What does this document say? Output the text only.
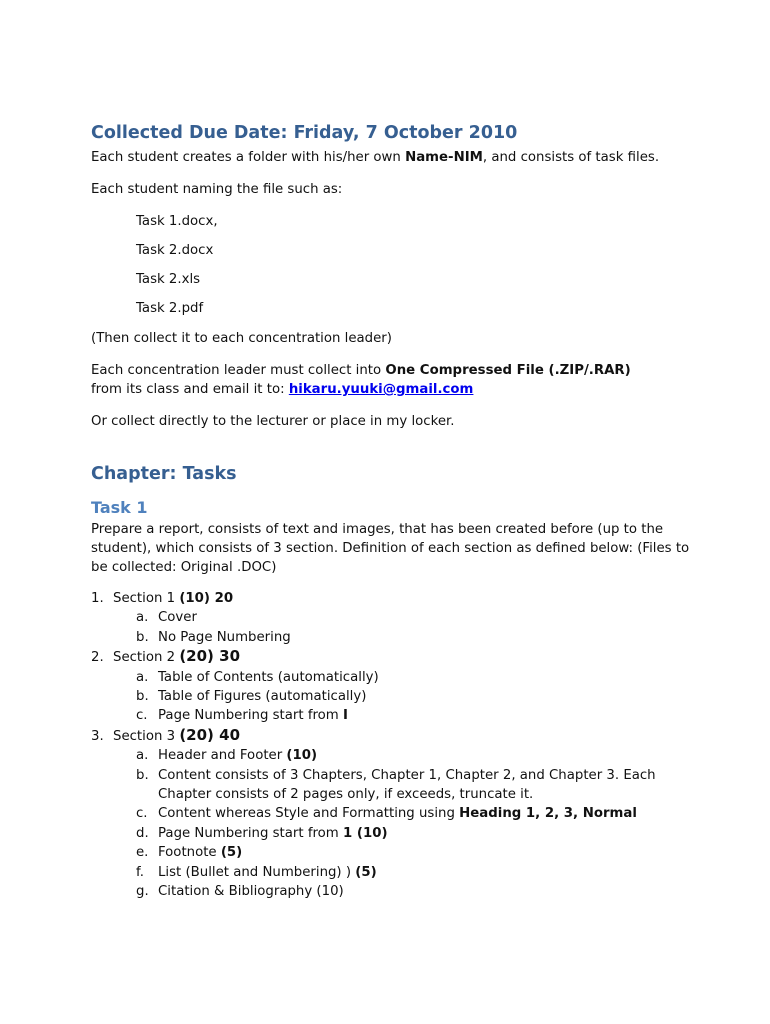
Collected Due Date: Friday, 7 October 2010

Each student creates a folder with his/her own Name-NIM, and consists of task files.

Each student naming the file such as:

Task 1.docx,

Task 2.docx

Task 2.xls

Task 2.pdf

(Then collect it to each concentration leader)

Each concentration leader must collect into One Compressed File (.ZIP/.RAR)
from its class and email it to: hikaru.yuuki@gmail.com

Or collect directly to the lecturer or place in my locker.

Chapter: Tasks
Task 1

Prepare a report, consists of text and images, that has been created before (up to the student), which consists of 3 section. Definition of each section as defined below: (Files to be collected: Original .DOC)

1. Section 1 (10) 20
a. Cover
b. No Page Numbering
2. Section 2 (20) 30
a. Table of Contents (automatically)
b. Table of Figures (automatically)
c. Page Numbering start from I
3. Section 3 (20) 40
a. Header and Footer (10)
b. Content consists of 3 Chapters, Chapter 1, Chapter 2, and Chapter 3. Each Chapter consists of 2 pages only, if exceeds, truncate it.
c. Content whereas Style and Formatting using Heading 1, 2, 3, Normal
d. Page Numbering start from 1 (10)
e. Footnote (5)
f.	List (Bullet and Numbering) ) (5)
g. Citation & Bibliography (10)
